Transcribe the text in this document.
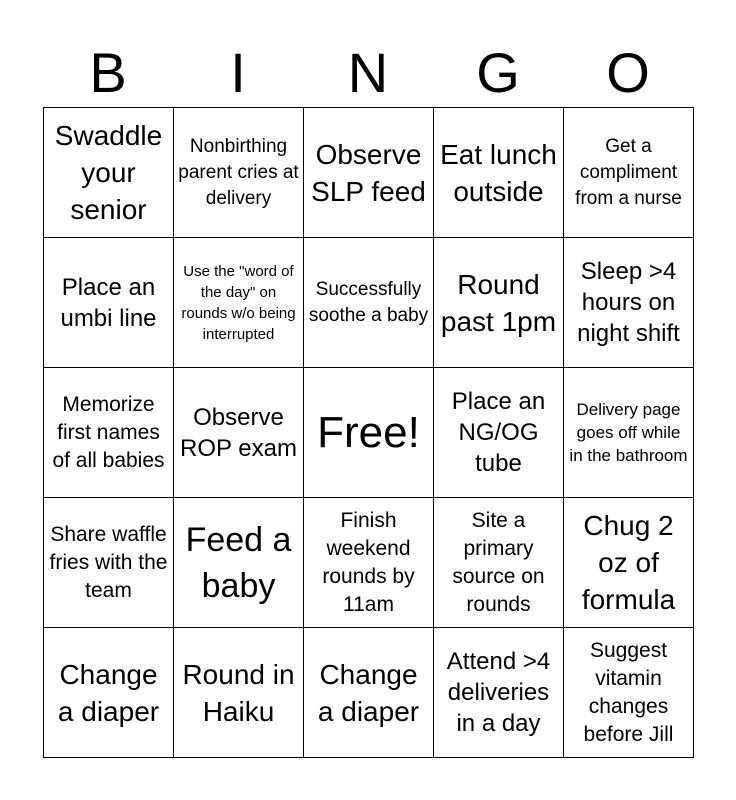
B	I	N	G	O
Swaddle your senior
Nonbirthing parent cries at delivery
Observe SLP feed
Eat lunch outside
Get a compliment from a nurse
Place an umbi line
Use the "word of the day" on rounds w/o being interrupted
Successfully soothe a baby
Round past 1pm
Sleep >4 hours on night shift
Memorize first names of all babies
Observe ROP exam Free!
Place an NG/OG tube
Delivery page goes off while in the bathroom
Share waffle fries with the team
Feed a baby
Finish weekend rounds by 11am
Site a primary source on rounds
Chug 2 oz of formula
Change a diaper
Round in Haiku
Change a diaper
Attend >4 deliveries in a day
Suggest vitamin changes before Jill
